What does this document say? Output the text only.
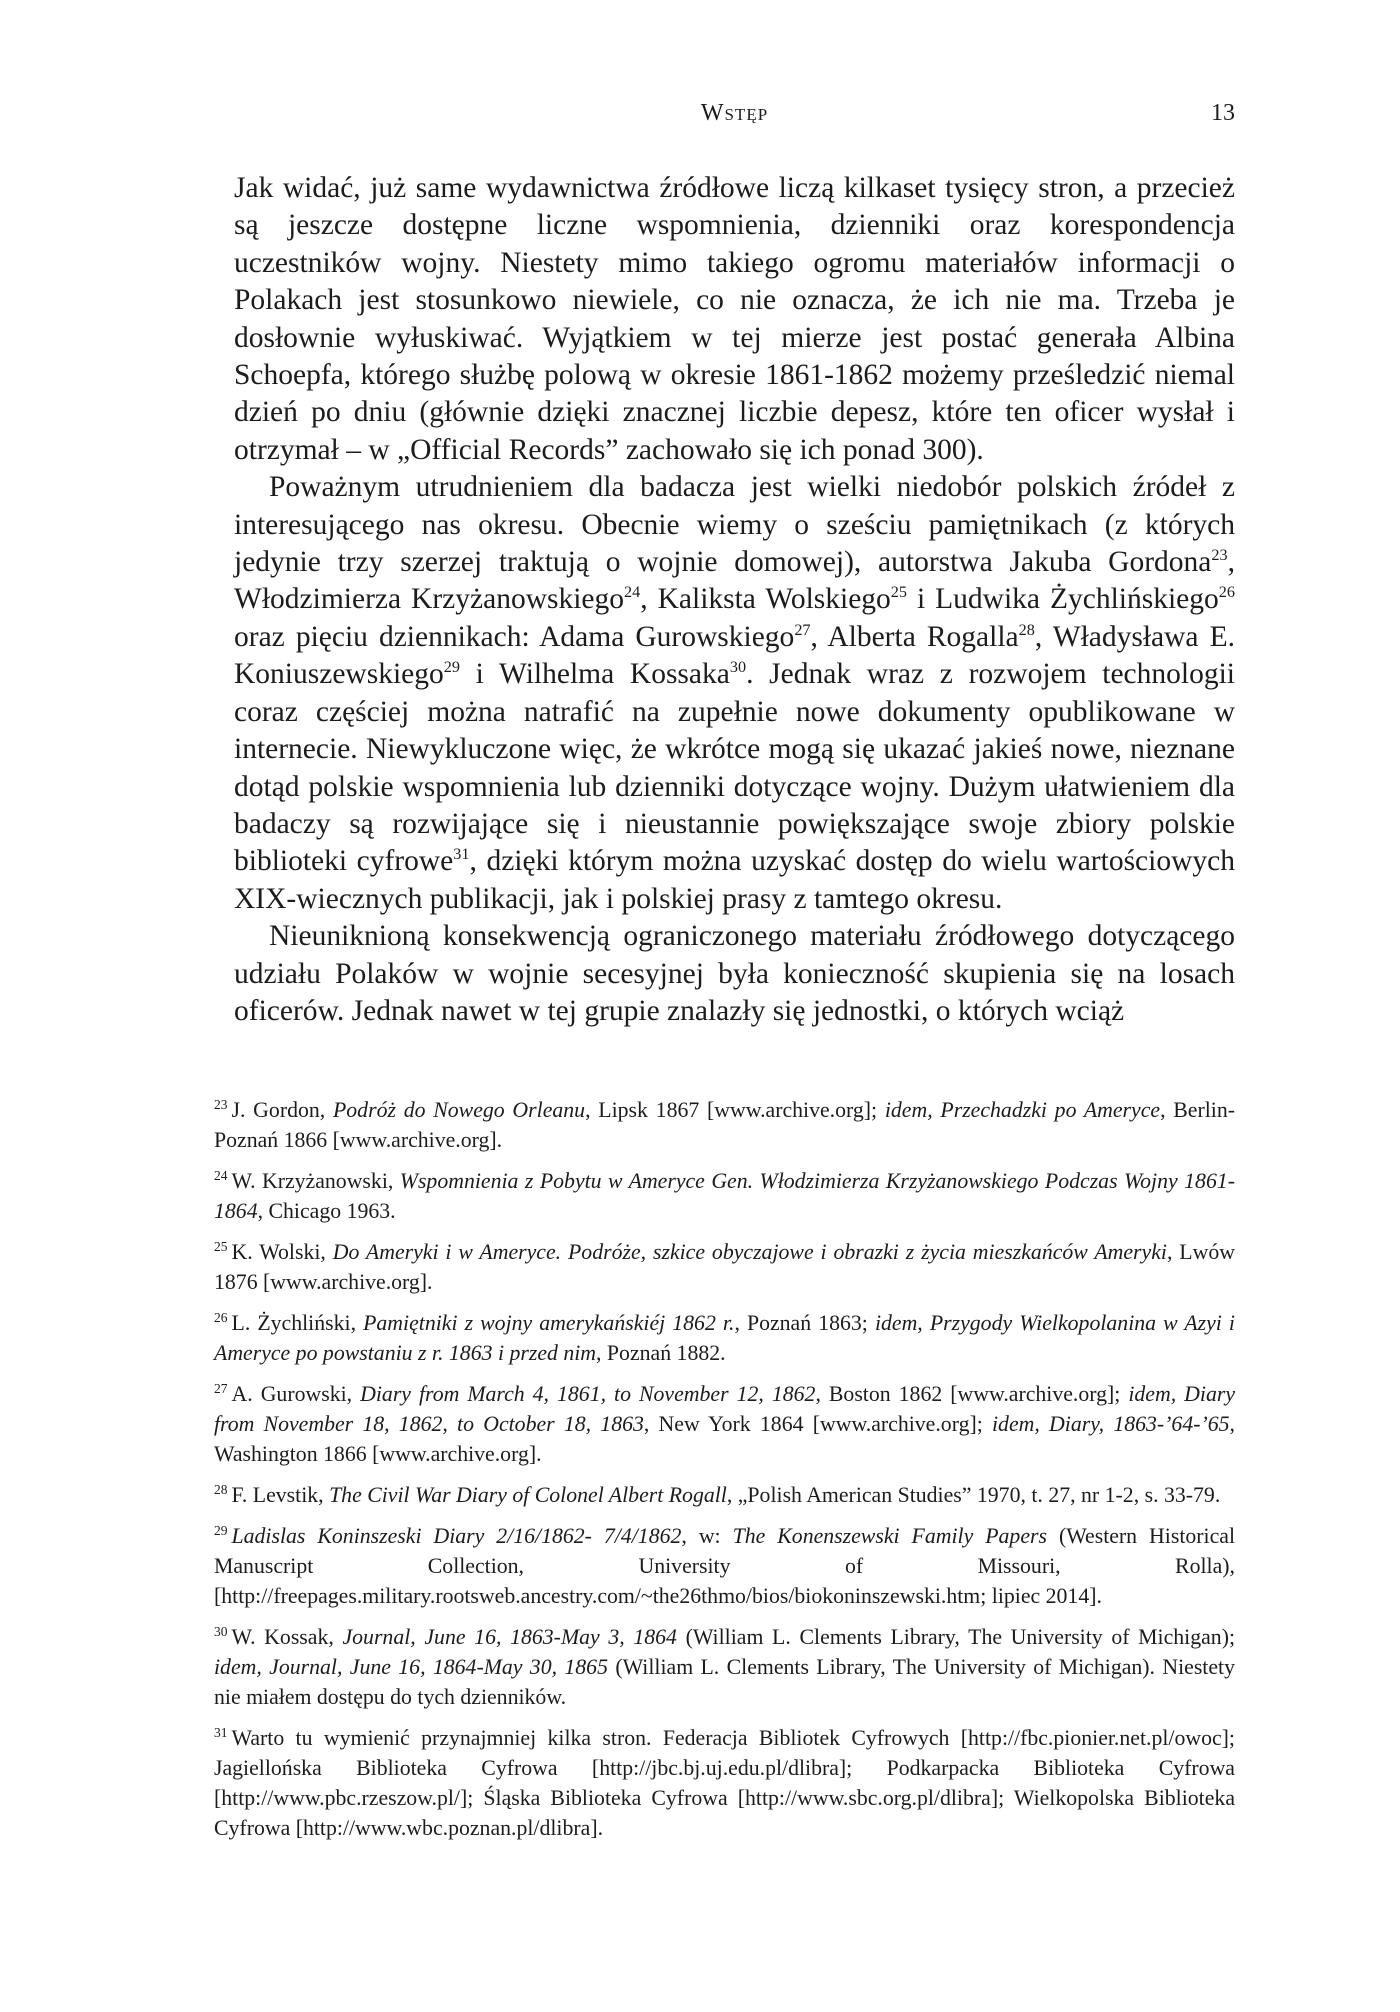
Wstęp	13

Jak widać, już same wydawnictwa źródłowe liczą kilkaset tysięcy stron, a przecież są jeszcze dostępne liczne wspomnienia, dzienniki oraz korespondencja uczestników wojny. Niestety mimo takiego ogromu materiałów informacji o Polakach jest stosunkowo niewiele, co nie oznacza, że ich nie ma. Trzeba je dosłownie wyłuskiwać. Wyjątkiem w tej mierze jest postać generała Albina Schoepfa, którego służbę polową w okresie 1861-1862 możemy prześledzić niemal dzień po dniu (głównie dzięki znacznej liczbie depesz, które ten oficer wysłał i otrzymał – w „Official Records” zachowało się ich ponad 300).

Poważnym utrudnieniem dla badacza jest wielki niedobór polskich źródeł z interesującego nas okresu. Obecnie wiemy o sześciu pamiętnikach (z których jedynie trzy szerzej traktują o wojnie domowej), autorstwa Jakuba Gordona$^{23}$, Włodzimierza Krzyżanowskiego$^{24}$, Kaliksta Wolskiego$^{25}$ i Ludwika Żychlińskiego$^{26}$ oraz pięciu dziennikach: Adama Gurowskiego$^{27}$, Alberta Rogalla$^{28}$, Władysława E. Koniuszewskiego$^{29}$ i Wilhelma Kossaka$^{30}$. Jednak wraz z rozwojem technologii coraz częściej można natrafić na zupełnie nowe dokumenty opublikowane w internecie. Niewykluczone więc, że wkrótce mogą się ukazać jakieś nowe, nieznane dotąd polskie wspomnienia lub dzienniki dotyczące wojny. Dużym ułatwieniem dla badaczy są rozwijające się i nieustannie powiększające swoje zbiory polskie biblioteki cyfrowe$^{31}$, dzięki którym można uzyskać dostęp do wielu wartościowych XIX-wiecznych publikacji, jak i polskiej prasy z tamtego okresu.

Nieuniknioną konsekwencją ograniczonego materiału źródłowego dotyczącego udziału Polaków w wojnie secesyjnej była konieczność skupienia się na losach oficerów. Jednak nawet w tej grupie znalazły się jednostki, o których wciąż

$^{23}$ J. Gordon, Podróż do Nowego Orleanu, Lipsk 1867 [www.archive.org]; idem, Przechadzki po Ameryce, Berlin-Poznań 1866 [www.archive.org].
$^{24}$ W. Krzyżanowski, Wspomnienia z Pobytu w Ameryce Gen. Włodzimierza Krzyżanowskiego Podczas Wojny 1861-1864, Chicago 1963.
$^{25}$ K. Wolski, Do Ameryki i w Ameryce. Podróże, szkice obyczajowe i obrazki z życia mieszkańców Ameryki, Lwów 1876 [www.archive.org].
$^{26}$ L. Żychliński, Pamiętniki z wojny amerykańskiéj 1862 r., Poznań 1863; idem, Przygody Wielkopolanina w Azyi i Ameryce po powstaniu z r. 1863 i przed nim, Poznań 1882.
$^{27}$ A. Gurowski, Diary from March 4, 1861, to November 12, 1862, Boston 1862 [www.archive.org]; idem, Diary from November 18, 1862, to October 18, 1863, New York 1864 [www.archive.org]; idem, Diary, 1863-’64-’65, Washington 1866 [www.archive.org].
$^{28}$ F. Levstik, The Civil War Diary of Colonel Albert Rogall, „Polish American Studies” 1970, t. 27, nr 1-2, s. 33-79.
$^{29}$ Ladislas Koninszeski Diary 2/16/1862- 7/4/1862, w: The Konenszewski Family Papers (Western Historical Manuscript Collection, University of Missouri, Rolla), [http://freepages.military.rootsweb.ancestry.com/~the26thmo/bios/biokoninszewski.htm; lipiec 2014].
$^{30}$ W. Kossak, Journal, June 16, 1863-May 3, 1864 (William L. Clements Library, The University of Michigan); idem, Journal, June 16, 1864-May 30, 1865 (William L. Clements Library, The University of Michigan). Niestety nie miałem dostępu do tych dzienników.
$^{31}$ Warto tu wymienić przynajmniej kilka stron. Federacja Bibliotek Cyfrowych [http://fbc.pionier.net.pl/owoc]; Jagiellońska Biblioteka Cyfrowa [http://jbc.bj.uj.edu.pl/dlibra]; Podkarpacka Biblioteka Cyfrowa [http://www.pbc.rzeszow.pl/]; Śląska Biblioteka Cyfrowa [http://www.sbc.org.pl/dlibra]; Wielkopolska Biblioteka Cyfrowa [http://www.wbc.poznan.pl/dlibra].
